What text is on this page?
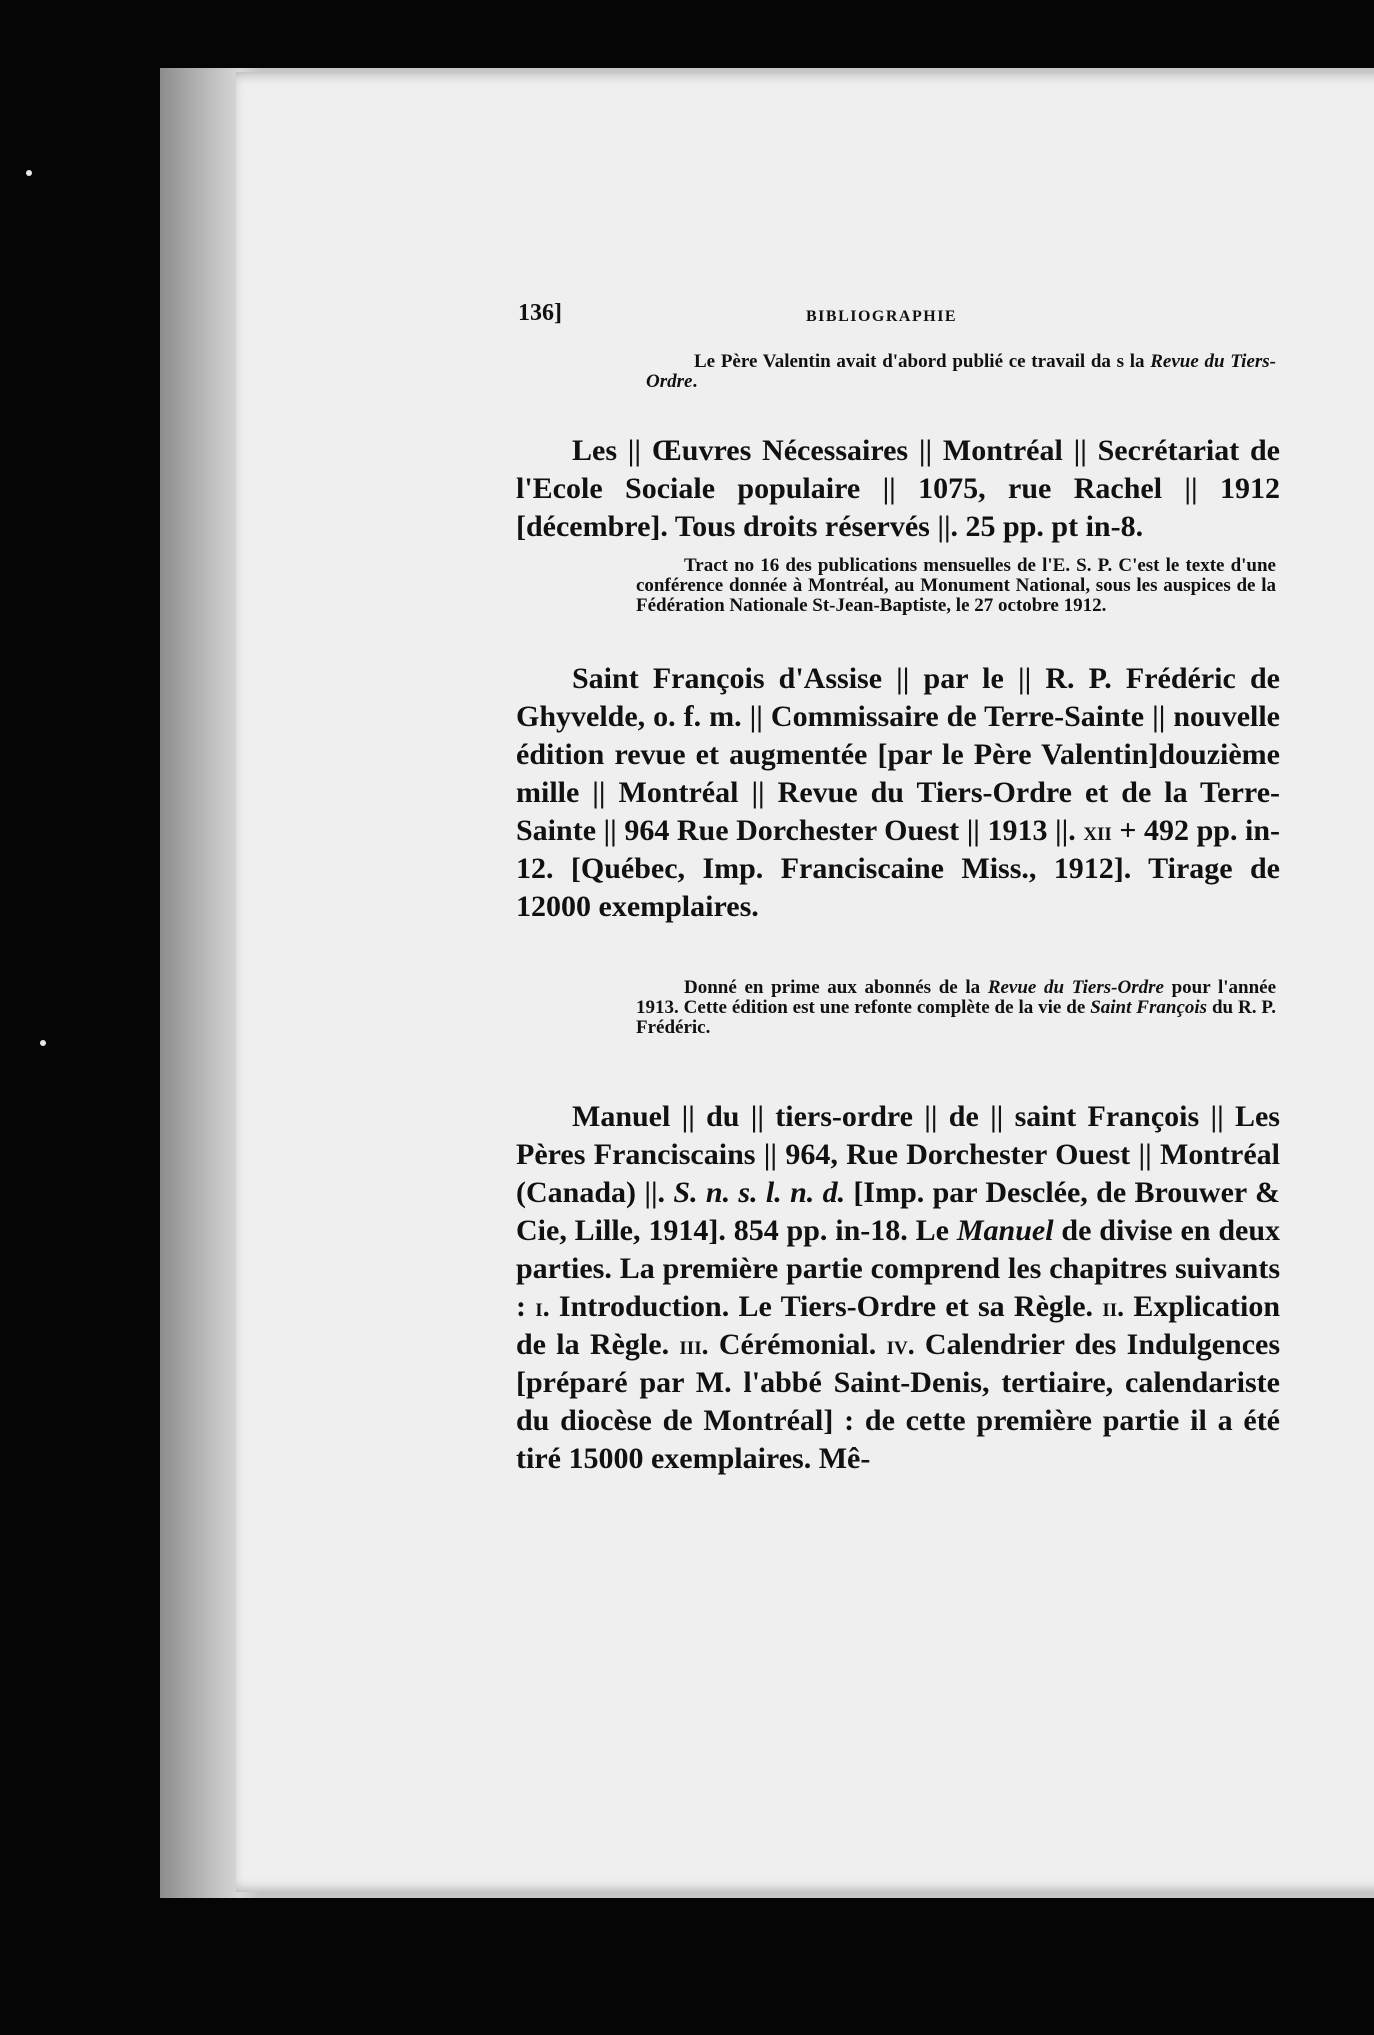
136]	BIBLIOGRAPHIE

Le Père Valentin avait d'abord publié ce travail da s la Revue du Tiers-Ordre.

Les || Œuvres Nécessaires || Montréal || Secrétariat de l'Ecole Sociale populaire || 1075, rue Rachel || 1912 [décembre]. Tous droits réservés ||. 25 pp. pt in-8.

Tract no 16 des publications mensuelles de l'E. S. P. C'est le texte d'une conférence donnée à Montréal, au Monument National, sous les auspices de la Fédération Nationale St-Jean-Baptiste, le 27 octobre 1912.

Saint François d'Assise || par le || R. P. Frédéric de Ghyvelde, o. f. m. || Commissaire de Terre-Sainte || nouvelle édition revue et augmentée [par le Père Valentin]douzième mille || Montréal || Revue du Tiers-Ordre et de la Terre-Sainte || 964 Rue Dorchester Ouest || 1913 ||. xii + 492 pp. in-12. [Québec, Imp. Franciscaine Miss., 1912]. Tirage de 12000 exemplaires.

Donné en prime aux abonnés de la Revue du Tiers-Ordre pour l'année 1913. Cette édition est une refonte complète de la vie de Saint François du R. P. Frédéric.

Manuel || du || tiers-ordre || de || saint François || Les Pères Franciscains || 964, Rue Dorchester Ouest || Montréal (Canada) ||. S. n. s. l. n. d. [Imp. par Desclée, de Brouwer & Cie, Lille, 1914]. 854 pp. in-18. Le Manuel de divise en deux parties. La première partie comprend les chapitres suivants : i. Introduction. Le Tiers-Ordre et sa Règle. ii. Explication de la Règle. iii. Cérémonial. iv. Calendrier des Indulgences [préparé par M. l'abbé Saint-Denis, tertiaire, calendariste du diocèse de Montréal] : de cette première partie il a été tiré 15000 exemplaires. Mê-
